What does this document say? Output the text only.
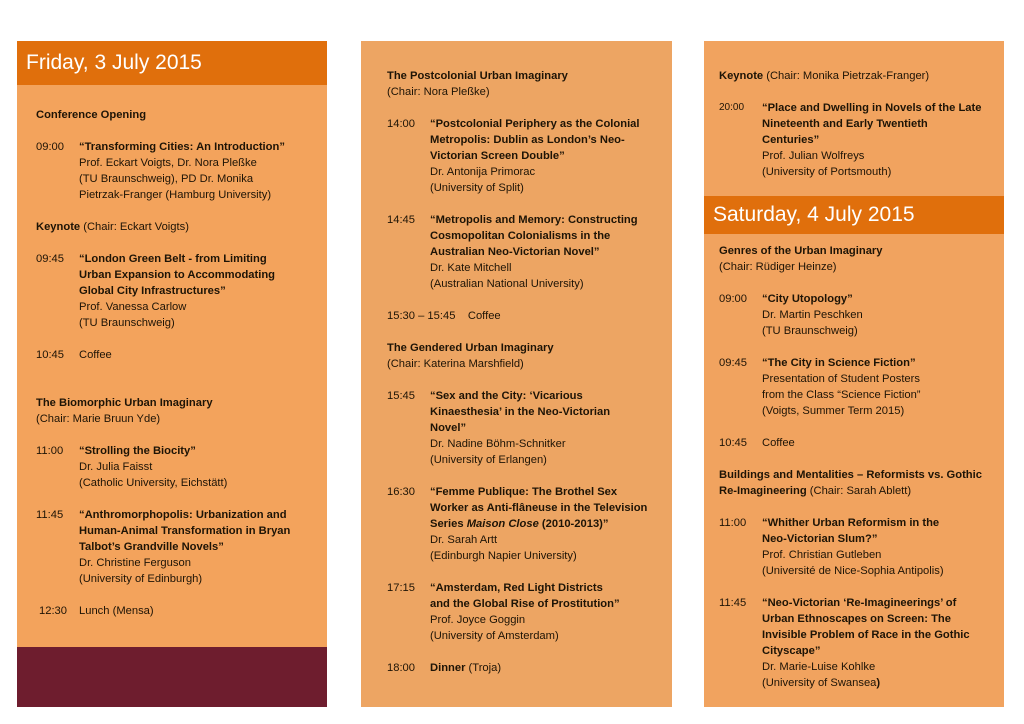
Friday, 3 July 2015
Conference Opening
09:00 “Transforming Cities: An Introduction”
Prof. Eckart Voigts, Dr. Nora Pleßke
(TU Braunschweig), PD Dr. Monika
Pietrzak-Franger (Hamburg University)
Keynote (Chair: Eckart Voigts)
09:45 “London Green Belt - from Limiting
Urban Expansion to Accommodating
Global City Infrastructures”
Prof. Vanessa Carlow
(TU Braunschweig)
10:45 Coffee
The Biomorphic Urban Imaginary
(Chair: Marie Bruun Yde)
11:00 “Strolling the Biocity”
Dr. Julia Faisst
(Catholic University, Eichstätt)
11:45 “Anthromorphopolis: Urbanization and
Human-Animal Transformation in Bryan
Talbot’s Grandville Novels”
Dr. Christine Ferguson
(University of Edinburgh)
12:30 Lunch (Mensa)
The Postcolonial Urban Imaginary
(Chair: Nora Pleßke)
14:00 “Postcolonial Periphery as the Colonial
Metropolis: Dublin as London’s Neo-
Victorian Screen Double”
Dr. Antonija Primorac
(University of Split)
14:45 “Metropolis and Memory: Constructing
Cosmopolitan Colonialisms in the
Australian Neo-Victorian Novel”
Dr. Kate Mitchell
(Australian National University)
15:30 – 15:45 Coffee
The Gendered Urban Imaginary
(Chair: Katerina Marshfield)
15:45 “Sex and the City: ‘Vicarious
Kinaesthesia’ in the Neo-Victorian
Novel”
Dr. Nadine Böhm-Schnitker
(University of Erlangen)
16:30 “Femme Publique: The Brothel Sex
Worker as Anti-flâneuse in the Television
Series Maison Close (2010-2013)”
Dr. Sarah Artt
(Edinburgh Napier University)
17:15 “Amsterdam, Red Light Districts
and the Global Rise of Prostitution”
Prof. Joyce Goggin
(University of Amsterdam)
18:00 Dinner (Troja)
Keynote (Chair: Monika Pietrzak-Franger)
20:00 “Place and Dwelling in Novels of the Late
Nineteenth and Early Twentieth
Centuries”
Prof. Julian Wolfreys
(University of Portsmouth)
Saturday, 4 July 2015
Genres of the Urban Imaginary
(Chair: Rüdiger Heinze)
09:00 “City Utopology”
Dr. Martin Peschken
(TU Braunschweig)
09:45 “The City in Science Fiction”
Presentation of Student Posters
from the Class “Science Fiction”
(Voigts, Summer Term 2015)
10:45 Coffee
Buildings and Mentalities – Reformists vs. Gothic
Re-Imagineering (Chair: Sarah Ablett)
11:00 “Whither Urban Reformism in the
Neo-Victorian Slum?”
Prof. Christian Gutleben
(Université de Nice-Sophia Antipolis)
11:45 “Neo-Victorian ‘Re-Imagineerings’ of
Urban Ethnoscapes on Screen: The
Invisible Problem of Race in the Gothic
Cityscape”
Dr. Marie-Luise Kohlke
(University of Swansea)
